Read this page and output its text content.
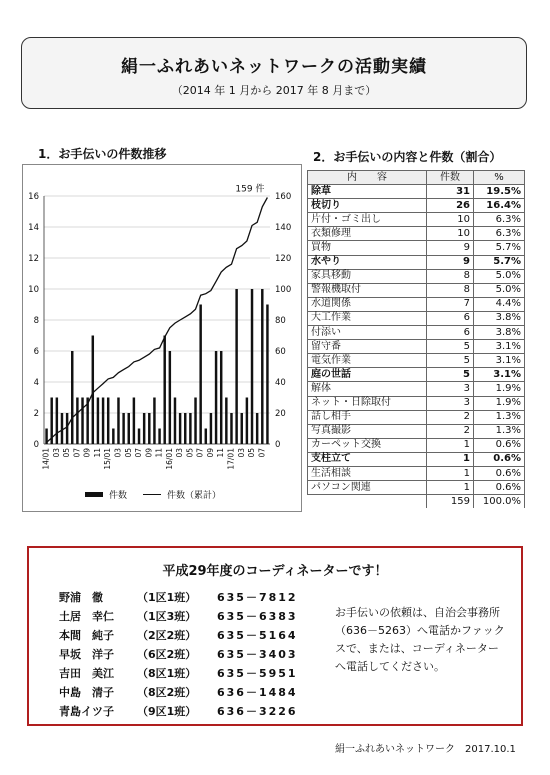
絹一ふれあいネットワークの活動実績
（2014 年 1 月から 2017 年 8 月まで）
1．お手伝いの件数推移	2．お手伝いの内容と件数（割合）
0	0
2	20
4	40
6	60
8	80
10	100
12	120
14	140
16	160
14/01 03 05 07 09 11 15/01 03 05 07 09 11 16/01 03 05 07 09 11 17/01 03 05 07
159 件
件数	件数（累計）
内　　容	件数	%
除草	31	19.5%
枝切り	26	16.4%
片付・ゴミ出し	10	6.3%
衣類修理	10	6.3%
買物	9	5.7%
水やり	9	5.7%
家具移動	8	5.0%
警報機取付	8	5.0%
水道関係	7	4.4%
大工作業	6	3.8%
付添い	6	3.8%
留守番	5	3.1%
電気作業	5	3.1%
庭の世話	5	3.1%
解体	3	1.9%
ネット・日除取付	3	1.9%
話し相手	2	1.3%
写真撮影	2	1.3%
カーペット交換	1	0.6%
支柱立て	1	0.6%
生活相談	1	0.6%
パソコン関連	1	0.6%
	159	100.0%
平成29年度のコーディネーターです！
野浦　徹	（1区1班） 635－7812
土居　幸仁 （1区3班） 635－6383
本間　純子 （2区2班） 635－5164
早坂　洋子 （6区2班） 635－3403
吉田　美江 （8区1班） 635－5951
中島　清子 （8区2班） 636－1484
青島イツ子 （9区1班） 636－3226
お手伝いの依頼は、自治会事務所（636－5263）へ電話かファックスで、または、コーディネーターへ電話してください。
絹一ふれあいネットワーク　2017.10.1
